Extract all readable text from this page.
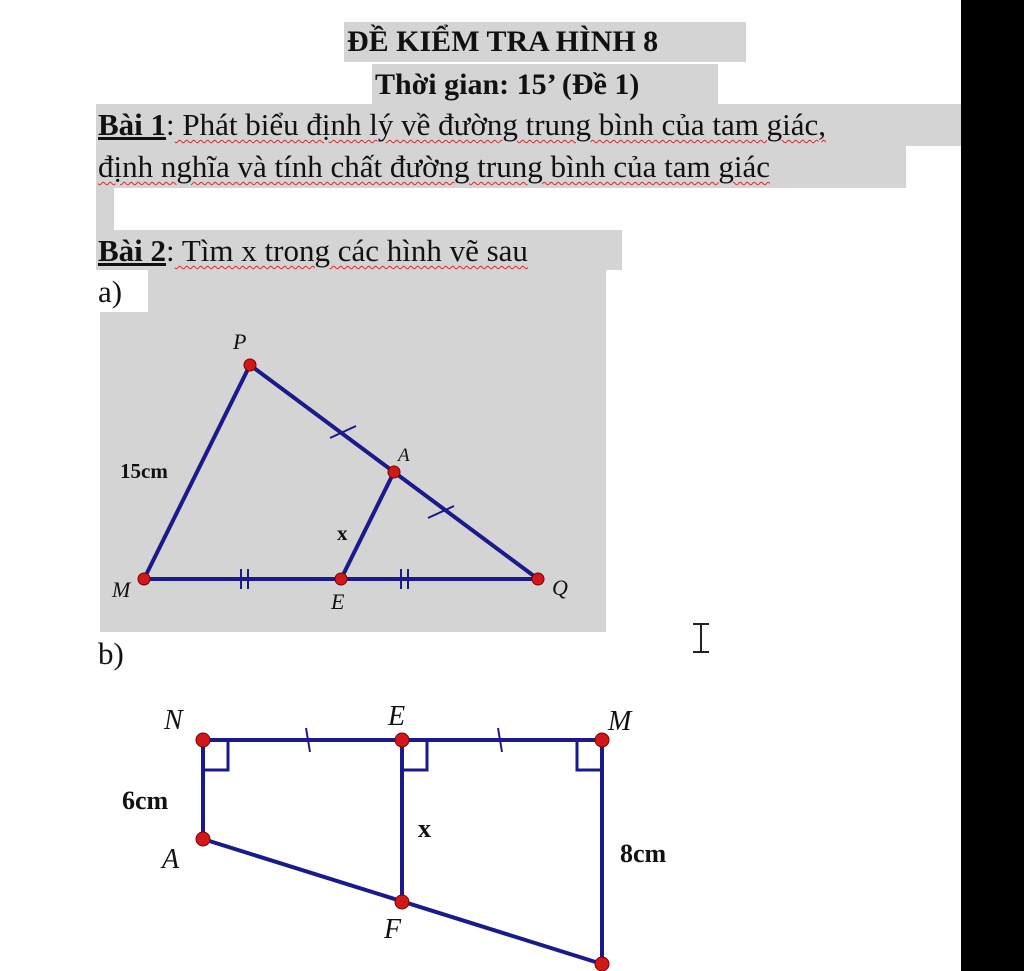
ĐỀ KIỂM TRA HÌNH 8
Thời gian: 15’ (Đề 1)
Bài 1: Phát biểu định lý về đường trung bình của tam giác,
định nghĩa và tính chất đường trung bình của tam giác
Bài 2: Tìm x trong các hình vẽ sau
a)
P
A
M	E
Q
15cm
x
b)
N	E	M
A
F
6cm
8cm
x
